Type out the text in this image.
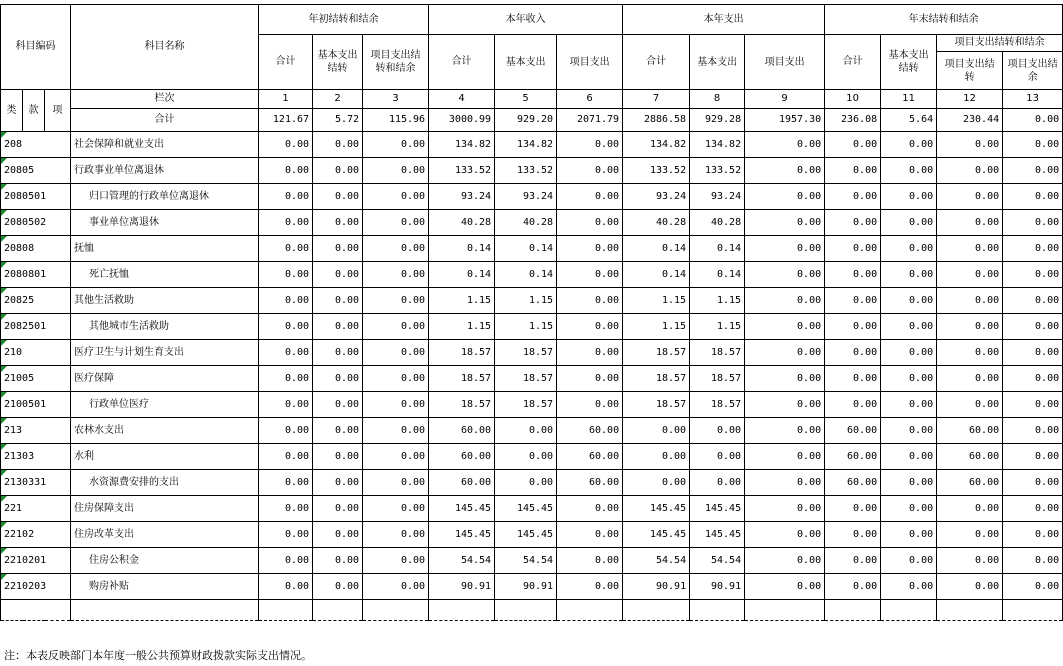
科目编码			科目名称	年初结转和结余			本年收入			本年支出			年末结转和结余			
				合计	基本支出结转	项目支出结转和结余	合计	基本支出	项目支出	合计	基本支出	项目支出	合计	基本支出结转	项目支出结转和结余	
															项目支出结转	项目支出结余
类	款	项	栏次	1	2	3	4	5	6	7	8	9	10	11	12	13
			合计	121.67	5.72	115.96	3000.99	929.20	2071.79	2886.58	929.28	1957.30	236.08	5.64	230.44	0.00
208			社会保障和就业支出	0.00	0.00	0.00	134.82	134.82	0.00	134.82	134.82	0.00	0.00	0.00	0.00	0.00
20805			行政事业单位离退休	0.00	0.00	0.00	133.52	133.52	0.00	133.52	133.52	0.00	0.00	0.00	0.00	0.00
2080501			归口管理的行政单位离退休	0.00	0.00	0.00	93.24	93.24	0.00	93.24	93.24	0.00	0.00	0.00	0.00	0.00
2080502			事业单位离退休	0.00	0.00	0.00	40.28	40.28	0.00	40.28	40.28	0.00	0.00	0.00	0.00	0.00
20808			抚恤	0.00	0.00	0.00	0.14	0.14	0.00	0.14	0.14	0.00	0.00	0.00	0.00	0.00
2080801			死亡抚恤	0.00	0.00	0.00	0.14	0.14	0.00	0.14	0.14	0.00	0.00	0.00	0.00	0.00
20825			其他生活救助	0.00	0.00	0.00	1.15	1.15	0.00	1.15	1.15	0.00	0.00	0.00	0.00	0.00
2082501			其他城市生活救助	0.00	0.00	0.00	1.15	1.15	0.00	1.15	1.15	0.00	0.00	0.00	0.00	0.00
210			医疗卫生与计划生育支出	0.00	0.00	0.00	18.57	18.57	0.00	18.57	18.57	0.00	0.00	0.00	0.00	0.00
21005			医疗保障	0.00	0.00	0.00	18.57	18.57	0.00	18.57	18.57	0.00	0.00	0.00	0.00	0.00
2100501			行政单位医疗	0.00	0.00	0.00	18.57	18.57	0.00	18.57	18.57	0.00	0.00	0.00	0.00	0.00
213			农林水支出	0.00	0.00	0.00	60.00	0.00	60.00	0.00	0.00	0.00	60.00	0.00	60.00	0.00
21303			水利	0.00	0.00	0.00	60.00	0.00	60.00	0.00	0.00	0.00	60.00	0.00	60.00	0.00
2130331			水资源费安排的支出	0.00	0.00	0.00	60.00	0.00	60.00	0.00	0.00	0.00	60.00	0.00	60.00	0.00
221			住房保障支出	0.00	0.00	0.00	145.45	145.45	0.00	145.45	145.45	0.00	0.00	0.00	0.00	0.00
22102			住房改革支出	0.00	0.00	0.00	145.45	145.45	0.00	145.45	145.45	0.00	0.00	0.00	0.00	0.00
2210201			住房公积金	0.00	0.00	0.00	54.54	54.54	0.00	54.54	54.54	0.00	0.00	0.00	0.00	0.00
2210203			购房补贴	0.00	0.00	0.00	90.91	90.91	0.00	90.91	90.91	0.00	0.00	0.00	0.00	0.00

注：本表反映部门本年度一般公共预算财政拨款实际支出情况。
